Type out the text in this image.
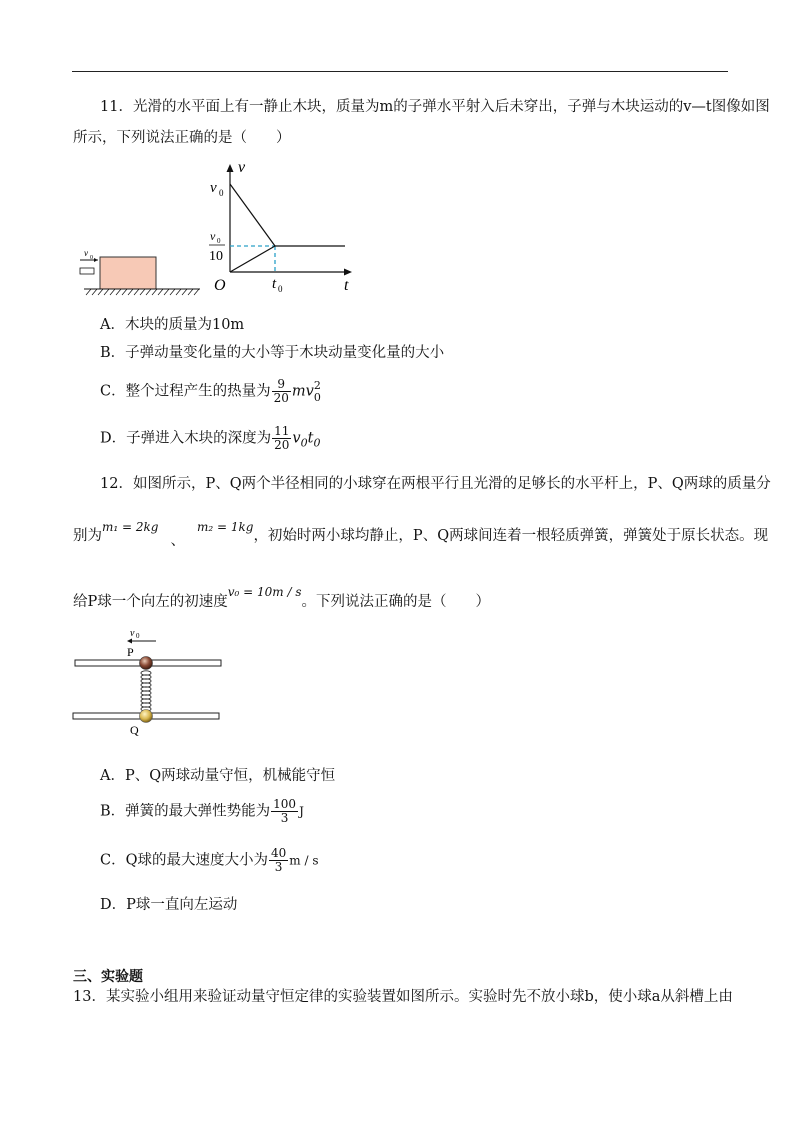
11．光滑的水平面上有一静止木块，质量为m的子弹水平射入后未穿出，子弹与木块运动的v—t图像如图
所示，下列说法正确的是（　　）
v 0
v
t
O
v 0
v 0
10
t 0
A．木块的质量为10m
B．子弹动量变化量的大小等于木块动量变化量的大小
C．整个过程产生的热量为 $\frac{9}{20}$ mv 2
0
D．子弹进入木块的深度为 $\frac{11}{20} v_0t_0$
12．如图所示，P、Q两个半径相同的小球穿在两根平行且光滑的足够长的水平杆上，P、Q两球的质量分
别为$^{m_1 = 2kg}$、$^{m_2 = 1kg}$，初始时两小球均静止，P、Q两球间连着一根轻质弹簧，弹簧处于原长状态。现
给P球一个向左的初速度$^{v_0 = 10m / s}$。下列说法正确的是（　　）
v 0
P
Q
A．P、Q两球动量守恒，机械能守恒
B．弹簧的最大弹性势能为 $\frac{100}{3}$ J
C．Q球的最大速度大小为 $\frac{40}{3}$ m / s
D．P球一直向左运动
三、实验题
13．某实验小组用来验证动量守恒定律的实验装置如图所示。实验时先不放小球b，使小球a从斜槽上由
